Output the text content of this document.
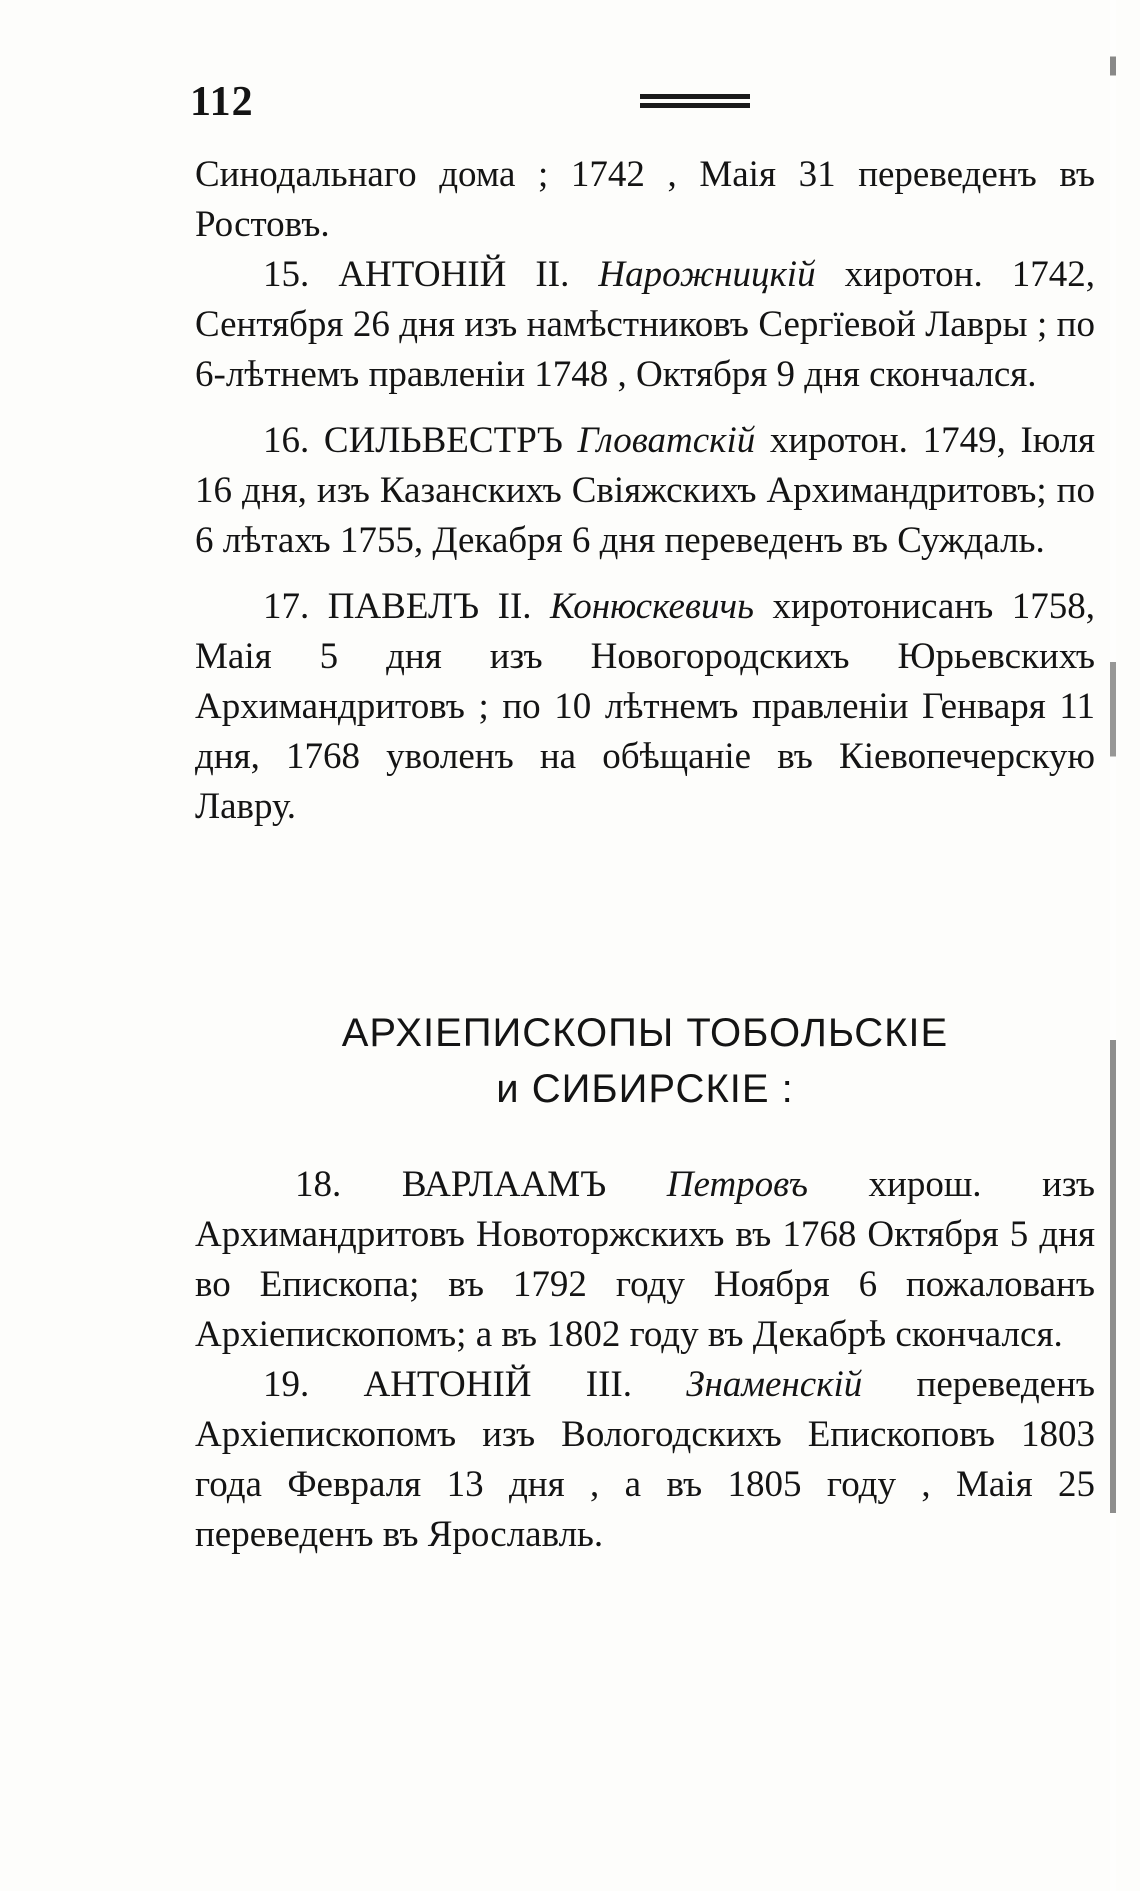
112

Синодальнаго дома ; 1742 , Маія 31 переведенъ въ Ростовъ.

15. АНТОНІЙ II. Нарожницкій хиротон. 1742, Сентября 26 дня изъ намѣстниковъ Сергїевой Лавры ; по 6-лѣтнемъ правленіи 1748 , Октября 9 дня скончался.

16. СИЛЬВЕСТРЪ Гловатскій хиротон. 1749, Іюля 16 дня, изъ Казанскихъ Свіяжскихъ Архимандритовъ; по 6 лѣтахъ 1755, Декабря 6 дня переведенъ въ Суждаль.

17. ПАВЕЛЪ II. Конюскевичь хиротонисанъ 1758, Маія 5 дня изъ Новогородскихъ Юрьевскихъ Архимандритовъ ; по 10 лѣтнемъ правленіи Генваря 11 дня, 1768 уволенъ на обѣщаніе въ Кіевопечерскую Лавру.

АРХІЕПИСКОПЫ ТОБОЛЬСКІЕ
и СИБИРСКІЕ :

18. ВАРЛААМЪ Петровъ хирош. изъ Архимандритовъ Новоторжскихъ въ 1768 Октября 5 дня во Епископа; въ 1792 году Ноября 6 пожалованъ Архіепископомъ; а въ 1802 году въ Декабрѣ скончался.

19. АНТОНІЙ III. Знаменскій переведенъ Архіепископомъ изъ Вологодскихъ Епископовъ 1803 года Февраля 13 дня , а въ 1805 году , Маія 25 переведенъ въ Ярославль.
